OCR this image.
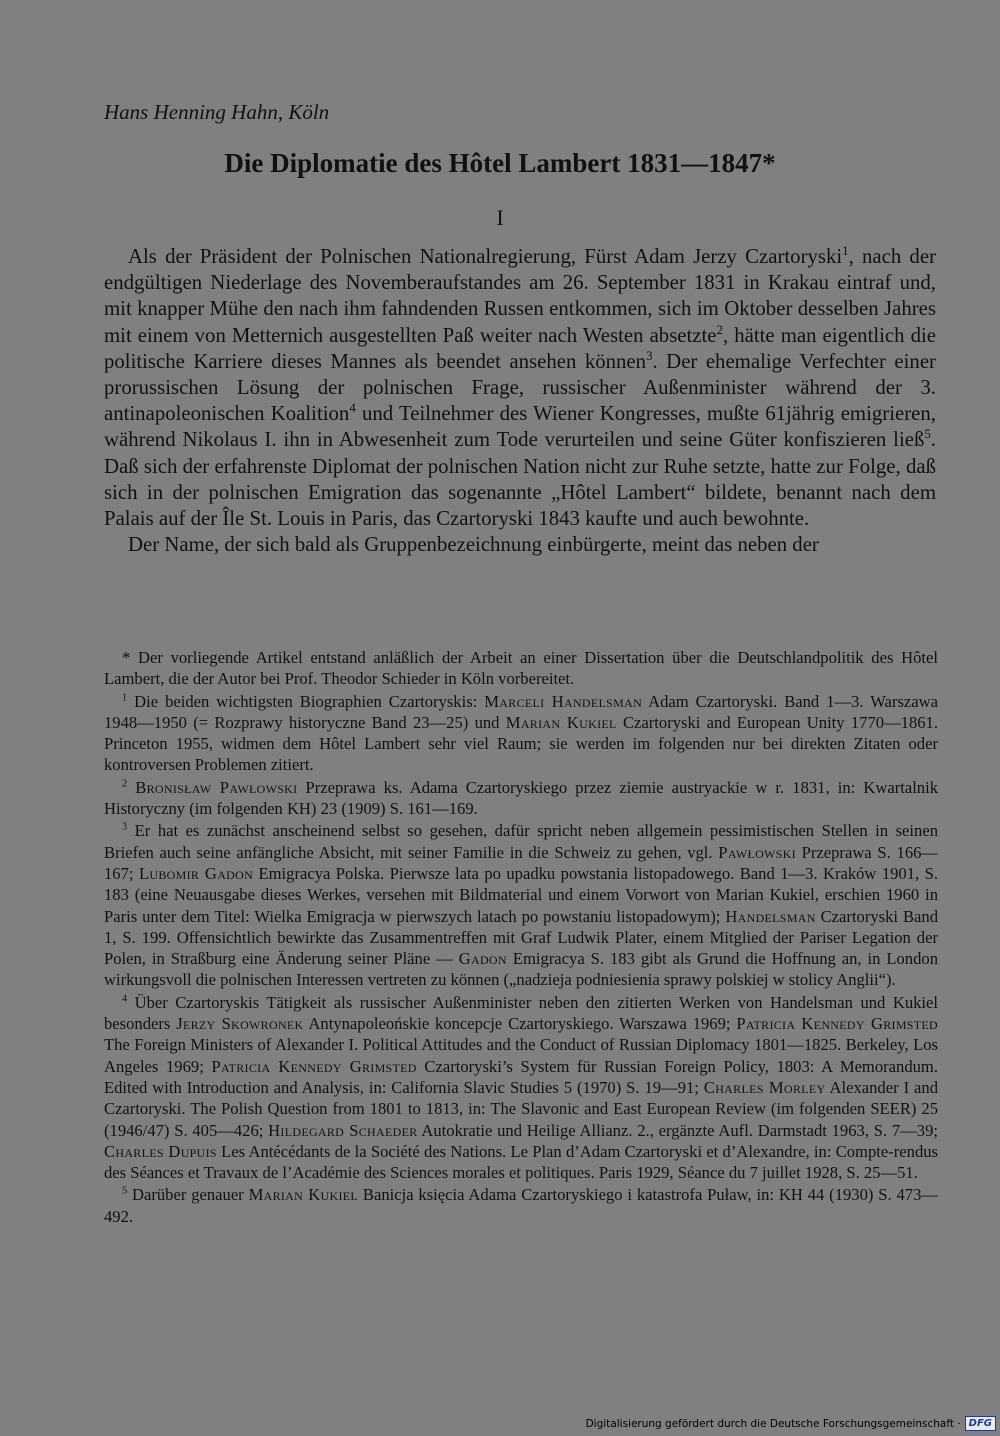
Hans Henning Hahn, Köln
Die Diplomatie des Hôtel Lambert 1831—1847*
I

Als der Präsident der Polnischen Nationalregierung, Fürst Adam Jerzy Czartoryski$^1$, nach der endgültigen Niederlage des Novemberaufstandes am 26. September 1831 in Krakau eintraf und, mit knapper Mühe den nach ihm fahndenden Russen entkommen, sich im Oktober desselben Jahres mit einem von Metternich ausgestellten Paß weiter nach Westen absetzte$^2$, hätte man eigentlich die politische Karriere dieses Mannes als beendet ansehen können$^3$. Der ehemalige Verfechter einer prorussischen Lösung der polnischen Frage, russischer Außenminister während der 3. antinapoleonischen Koalition$^4$ und Teilnehmer des Wiener Kongresses, mußte 61jährig emigrieren, während Nikolaus I. ihn in Abwesenheit zum Tode verurteilen und seine Güter konfiszieren ließ$^5$. Daß sich der erfahrenste Diplomat der polnischen Nation nicht zur Ruhe setzte, hatte zur Folge, daß sich in der polnischen Emigration das sogenannte „Hôtel Lambert“ bildete, benannt nach dem Palais auf der Île St. Louis in Paris, das Czartoryski 1843 kaufte und auch bewohnte.

Der Name, der sich bald als Gruppenbezeichnung einbürgerte, meint das neben der

* Der vorliegende Artikel entstand anläßlich der Arbeit an einer Dissertation über die Deutschlandpolitik des Hôtel Lambert, die der Autor bei Prof. Theodor Schieder in Köln vorbereitet.

$^1$ Die beiden wichtigsten Biographien Czartoryskis: Marceli Handelsman Adam Czartoryski. Band 1—3. Warszawa 1948—1950 (= Rozprawy historyczne Band 23—25) und Marian Kukiel Czartoryski and European Unity 1770—1861. Princeton 1955, widmen dem Hôtel Lambert sehr viel Raum; sie werden im folgenden nur bei direkten Zitaten oder kontroversen Problemen zitiert.

$^2$ Bronisław Pawłowski Przeprawa ks. Adama Czartoryskiego przez ziemie austryackie w r. 1831, in: Kwartalnik Historyczny (im folgenden KH) 23 (1909) S. 161—169.

$^3$ Er hat es zunächst anscheinend selbst so gesehen, dafür spricht neben allgemein pessimistischen Stellen in seinen Briefen auch seine anfängliche Absicht, mit seiner Familie in die Schweiz zu gehen, vgl. Pawłowski Przeprawa S. 166—167; Lubomir Gadon Emigracya Polska. Pierwsze lata po upadku powstania listopadowego. Band 1—3. Kraków 1901, S. 183 (eine Neuausgabe dieses Werkes, versehen mit Bildmaterial und einem Vorwort von Marian Kukiel, erschien 1960 in Paris unter dem Titel: Wielka Emigracja w pierwszych latach po powstaniu listopadowym); Handelsman Czartoryski Band 1, S. 199. Offensichtlich bewirkte das Zusammentreffen mit Graf Ludwik Plater, einem Mitglied der Pariser Legation der Polen, in Straßburg eine Änderung seiner Pläne — Gadon Emigracya S. 183 gibt als Grund die Hoffnung an, in London wirkungsvoll die polnischen Interessen vertreten zu können („nadzieja podniesienia sprawy polskiej w stolicy Anglii“).

$^4$ Über Czartoryskis Tätigkeit als russischer Außenminister neben den zitierten Werken von Handelsman und Kukiel besonders Jerzy Skowronek Antynapoleońskie koncepcje Czartoryskiego. Warszawa 1969; Patricia Kennedy Grimsted The Foreign Ministers of Alexander I. Political Attitudes and the Conduct of Russian Diplomacy 1801—1825. Berkeley, Los Angeles 1969; Patricia Kennedy Grimsted Czartoryski’s System für Russian Foreign Policy, 1803: A Memorandum. Edited with Introduction and Analysis, in: California Slavic Studies 5 (1970) S. 19—91; Charles Morley Alexander I and Czartoryski. The Polish Question from 1801 to 1813, in: The Slavonic and East European Review (im folgenden SEER) 25 (1946/47) S. 405—426; Hildegard Schaeder Autokratie und Heilige Allianz. 2., ergänzte Aufl. Darmstadt 1963, S. 7—39; Charles Dupuis Les Antécédants de la Société des Nations. Le Plan d’Adam Czartoryski et d’Alexandre, in: Compte-rendus des Séances et Travaux de l’Académie des Sciences morales et politiques. Paris 1929, Séance du 7 juillet 1928, S. 25—51.

$^5$ Darüber genauer Marian Kukiel Banicja księcia Adama Czartoryskiego i katastrofa Puław, in: KH 44 (1930) S. 473—492.

Digitalisierung gefördert durch die Deutsche Forschungsgemeinschaft · DFG
